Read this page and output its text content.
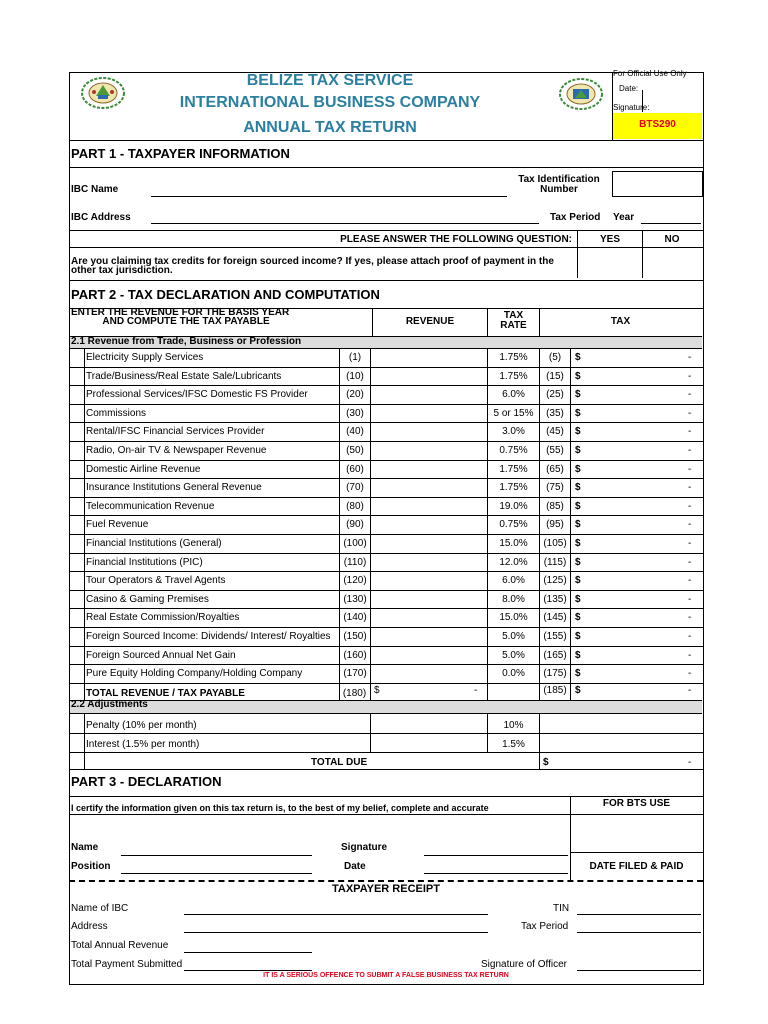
BELIZE TAX SERVICE
INTERNATIONAL BUSINESS COMPANY
ANNUAL TAX RETURN
For Official Use Only
Date:
Signature:
BTS290
PART 1 - TAXPAYER INFORMATION
IBC Name
Tax Identification
Number
IBC Address	Tax Period Year
PLEASE ANSWER THE FOLLOWING QUESTION:	YES	NO
Are you claiming tax credits for foreign sourced income? If yes, please attach proof of payment in the
other tax jurisdiction.
PART 2 - TAX DECLARATION AND COMPUTATION
ENTER THE REVENUE FOR THE BASIS YEAR
AND COMPUTE THE TAX PAYABLE	REVENUE
TAX
RATE	TAX
2.1 Revenue from Trade, Business or Profession
Electricity Supply Services	(1)	1.75%	(5)	$	-
Trade/Business/Real Estate Sale/Lubricants	(10)	1.75%	(15)	$	-
Professional Services/IFSC Domestic FS Provider	(20)	6.0%	(25)	$	-
Commissions	(30)	5 or 15%	(35)	$	-
Rental/IFSC Financial Services Provider	(40)	3.0%	(45)	$	-
Radio, On-air TV & Newspaper Revenue	(50)	0.75%	(55)	$	-
Domestic Airline Revenue	(60)	1.75%	(65)	$	-
Insurance Institutions General Revenue	(70)	1.75%	(75)	$	-
Telecommunication Revenue	(80)	19.0%	(85)	$	-
Fuel Revenue	(90)	0.75%	(95)	$	-
Financial Institutions (General)	(100)	15.0%	(105) $	-
Financial Institutions (PIC)	(110)	12.0%	(115) $	-
Tour Operators & Travel Agents	(120)	6.0%	(125) $	-
Casino & Gaming Premises	(130)	8.0%	(135) $	-
Real Estate Commission/Royalties	(140)	15.0%	(145) $	-
Foreign Sourced Income: Dividends/ Interest/ Royalties	(150)	5.0%	(155) $	-
Foreign Sourced Annual Net Gain	(160)	5.0%	(165) $	-
Pure Equity Holding Company/Holding Company	(170)	0.0%	(175) $	-
TOTAL REVENUE / TAX PAYABLE	(180) $	-	(185) $	-
2.2 Adjustments
Penalty (10% per month)	10%
Interest (1.5% per month)	1.5%
TOTAL DUE	$	-
PART 3 - DECLARATION
I certify the information given on this tax return is, to the best of my belief, complete and accurate	FOR BTS USE
Name	Signature
Position	Date	DATE FILED & PAID
TAXPAYER RECEIPT
Name of IBC	TIN
Address	Tax Period
Total Annual Revenue
Total Payment Submitted	Signature of Officer
IT IS A SERIOUS OFFENCE TO SUBMIT A FALSE BUSINESS TAX RETURN
